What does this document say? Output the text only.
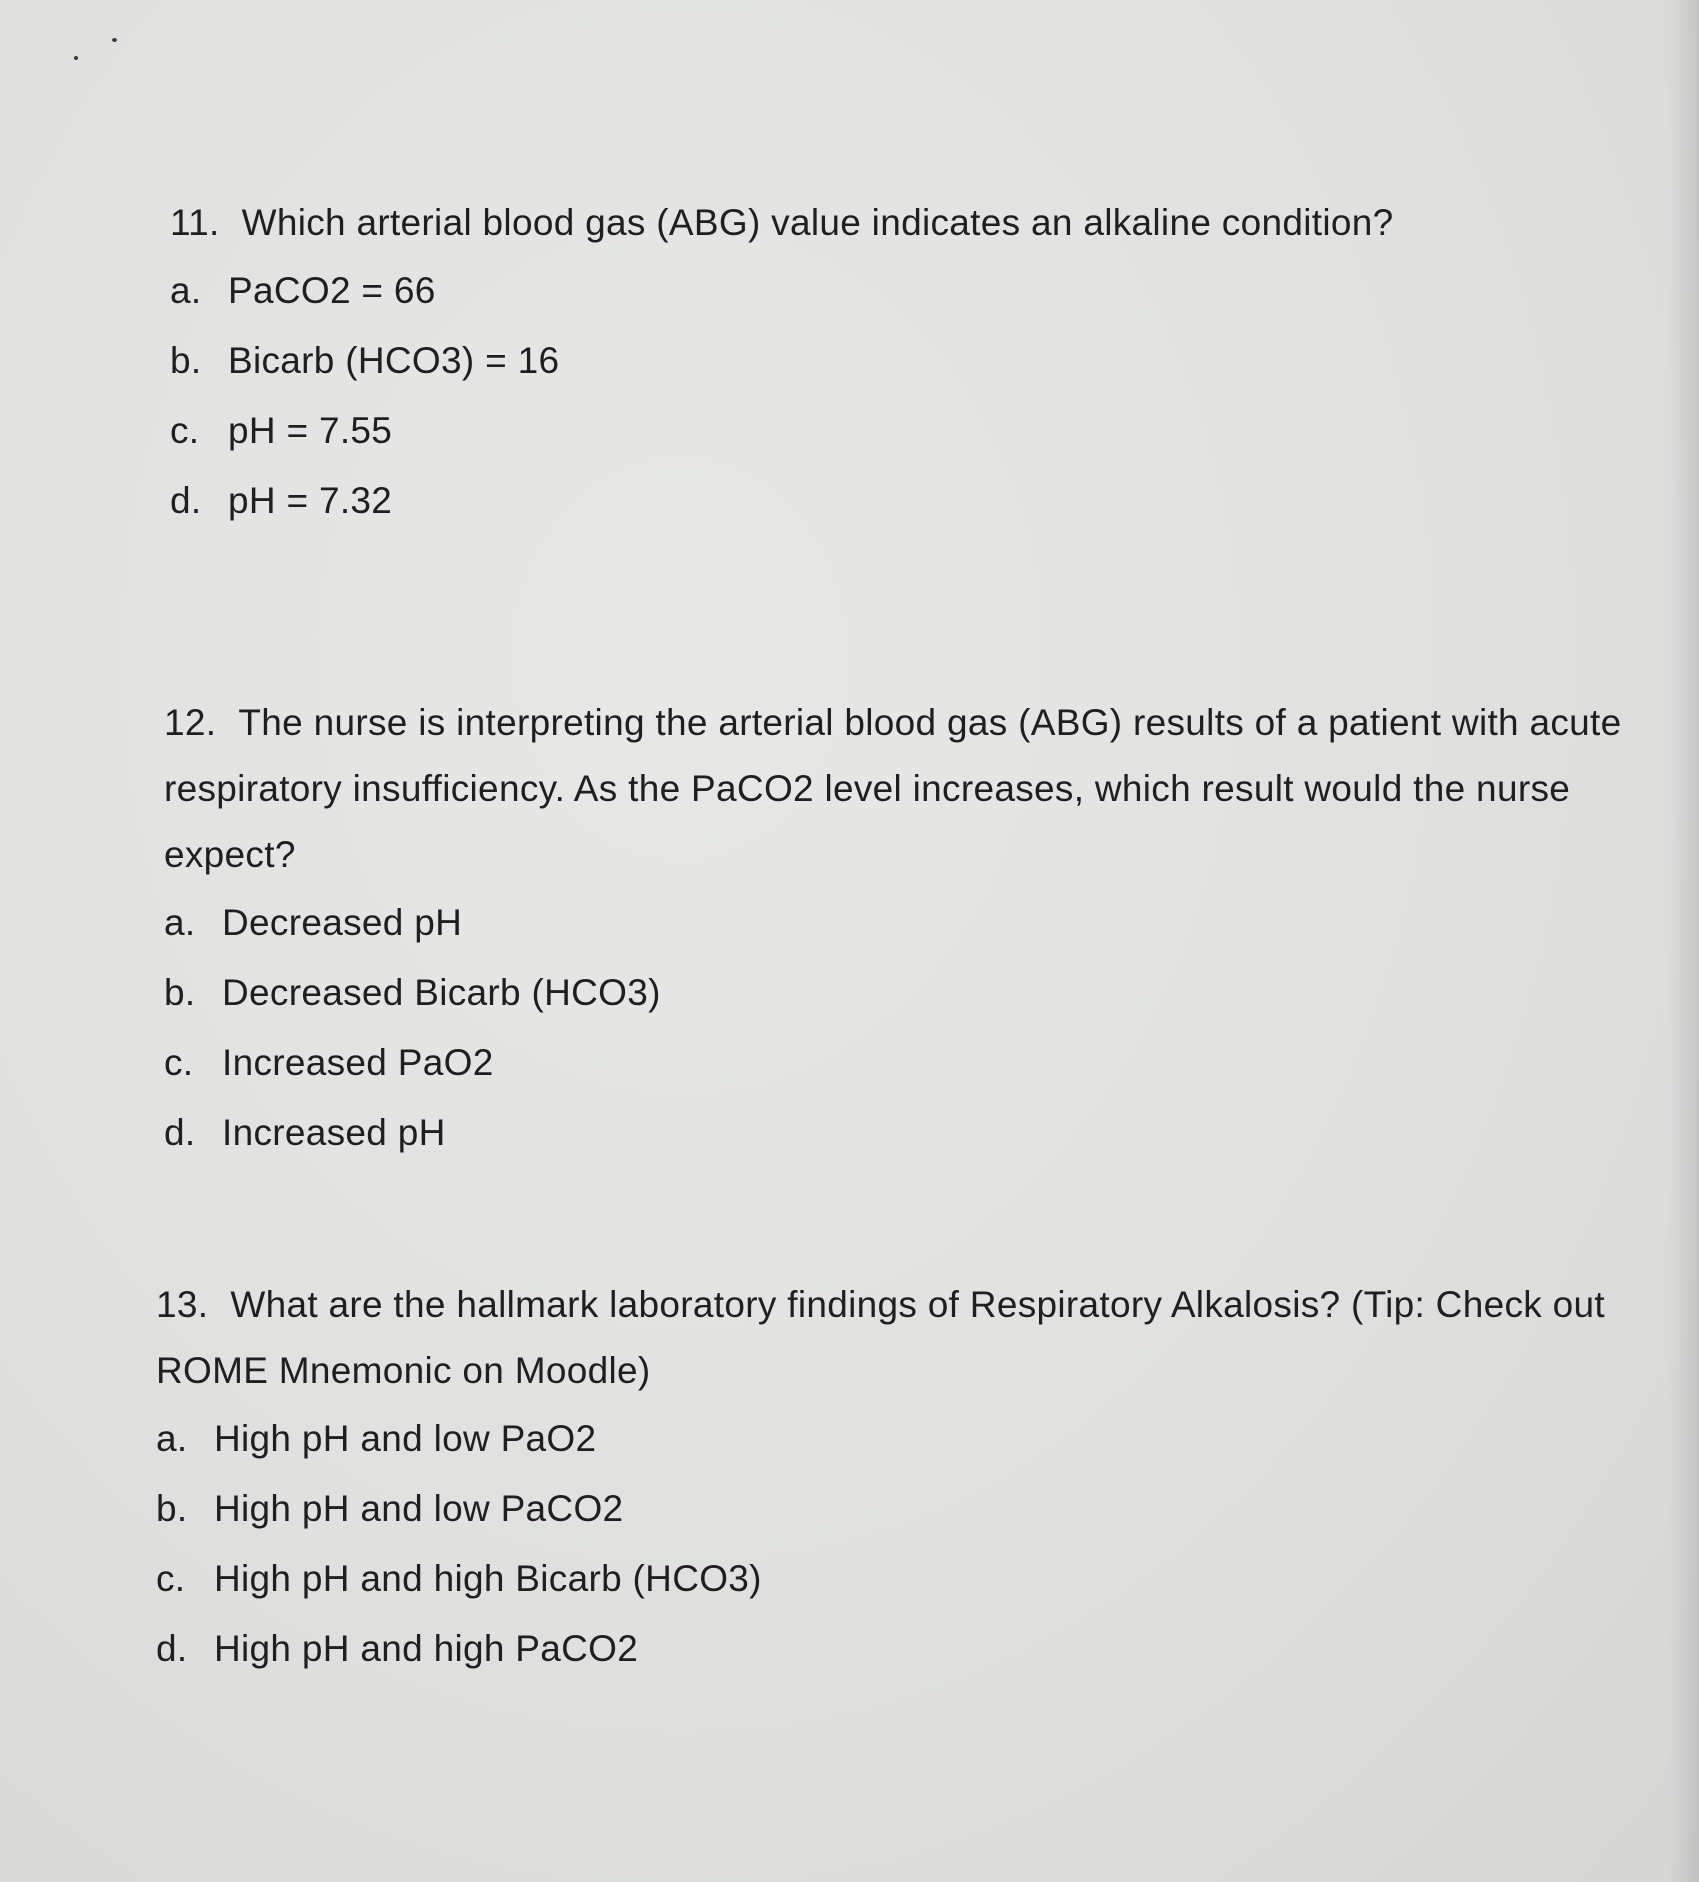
11. Which arterial blood gas (ABG) value indicates an alkaline condition?

a. PaCO2 = 66
b. Bicarb (HCO3) = 16
c. pH = 7.55
d. pH = 7.32

12. The nurse is interpreting the arterial blood gas (ABG) results of a patient with acute
respiratory insufficiency. As the PaCO2 level increases, which result would the nurse
expect?

a. Decreased pH
b. Decreased Bicarb (HCO3)
c. Increased PaO2
d. Increased pH

13. What are the hallmark laboratory findings of Respiratory Alkalosis? (Tip: Check out
ROME Mnemonic on Moodle)

a. High pH and low PaO2
b. High pH and low PaCO2
c. High pH and high Bicarb (HCO3)
d. High pH and high PaCO2
